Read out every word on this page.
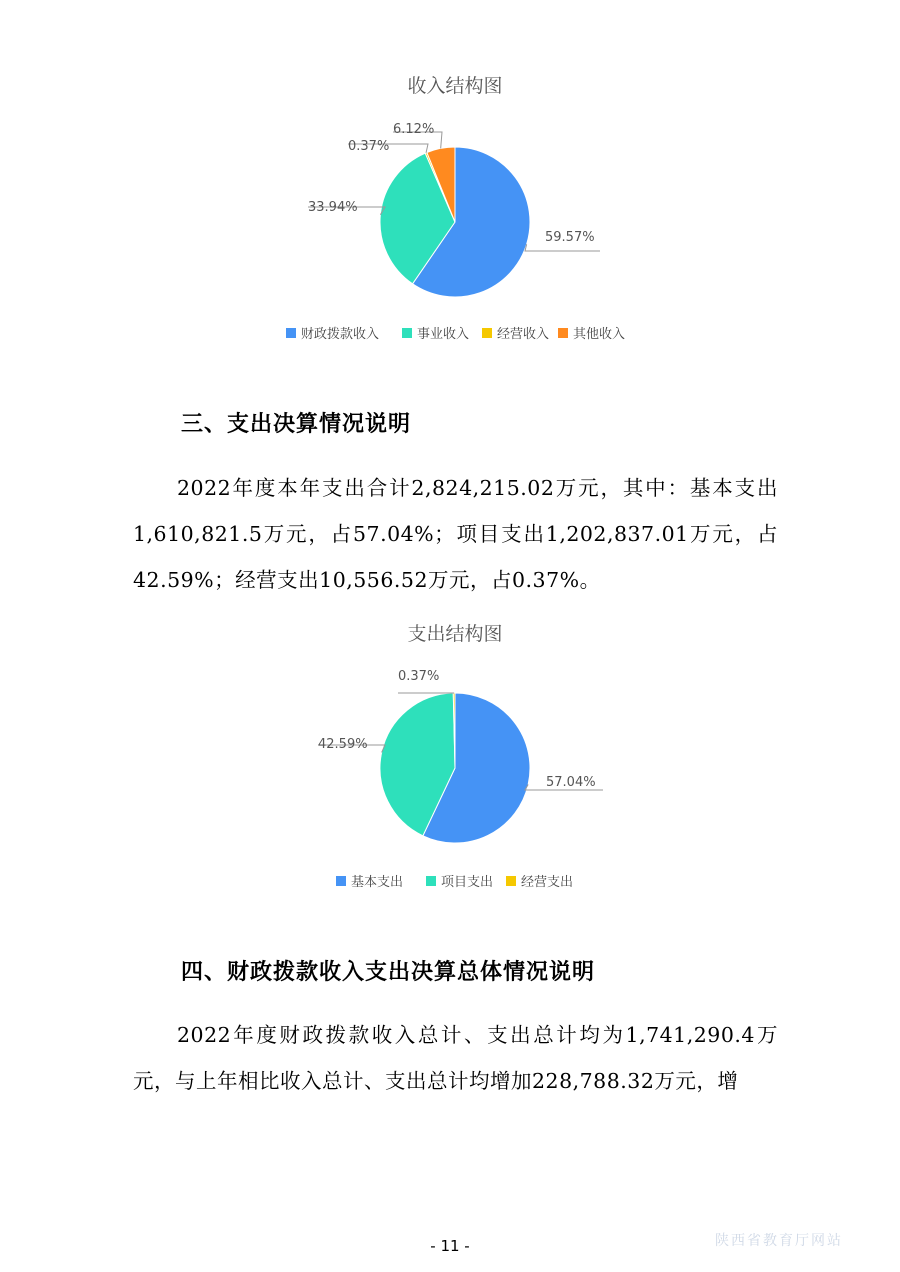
收入结构图
59.57%
33.94%
0.37%
6.12%
财政拨款收入	事业收入 经营收入 其他收入
三、支出决算情况说明

2022年度本年支出合计2,824,215.02万元，其中：基本支出1,610,821.5万元，占57.04%；项目支出1,202,837.01万元，占42.59%；经营支出10,556.52万元，占0.37%。

支出结构图
57.04%
42.59%
0.37%
基本支出	项目支出 经营支出
四、财政拨款收入支出决算总体情况说明

2022年度财政拨款收入总计、支出总计均为1,741,290.4万元，与上年相比收入总计、支出总计均增加228,788.32万元，增

- 11 -	陕西省教育厅网站
